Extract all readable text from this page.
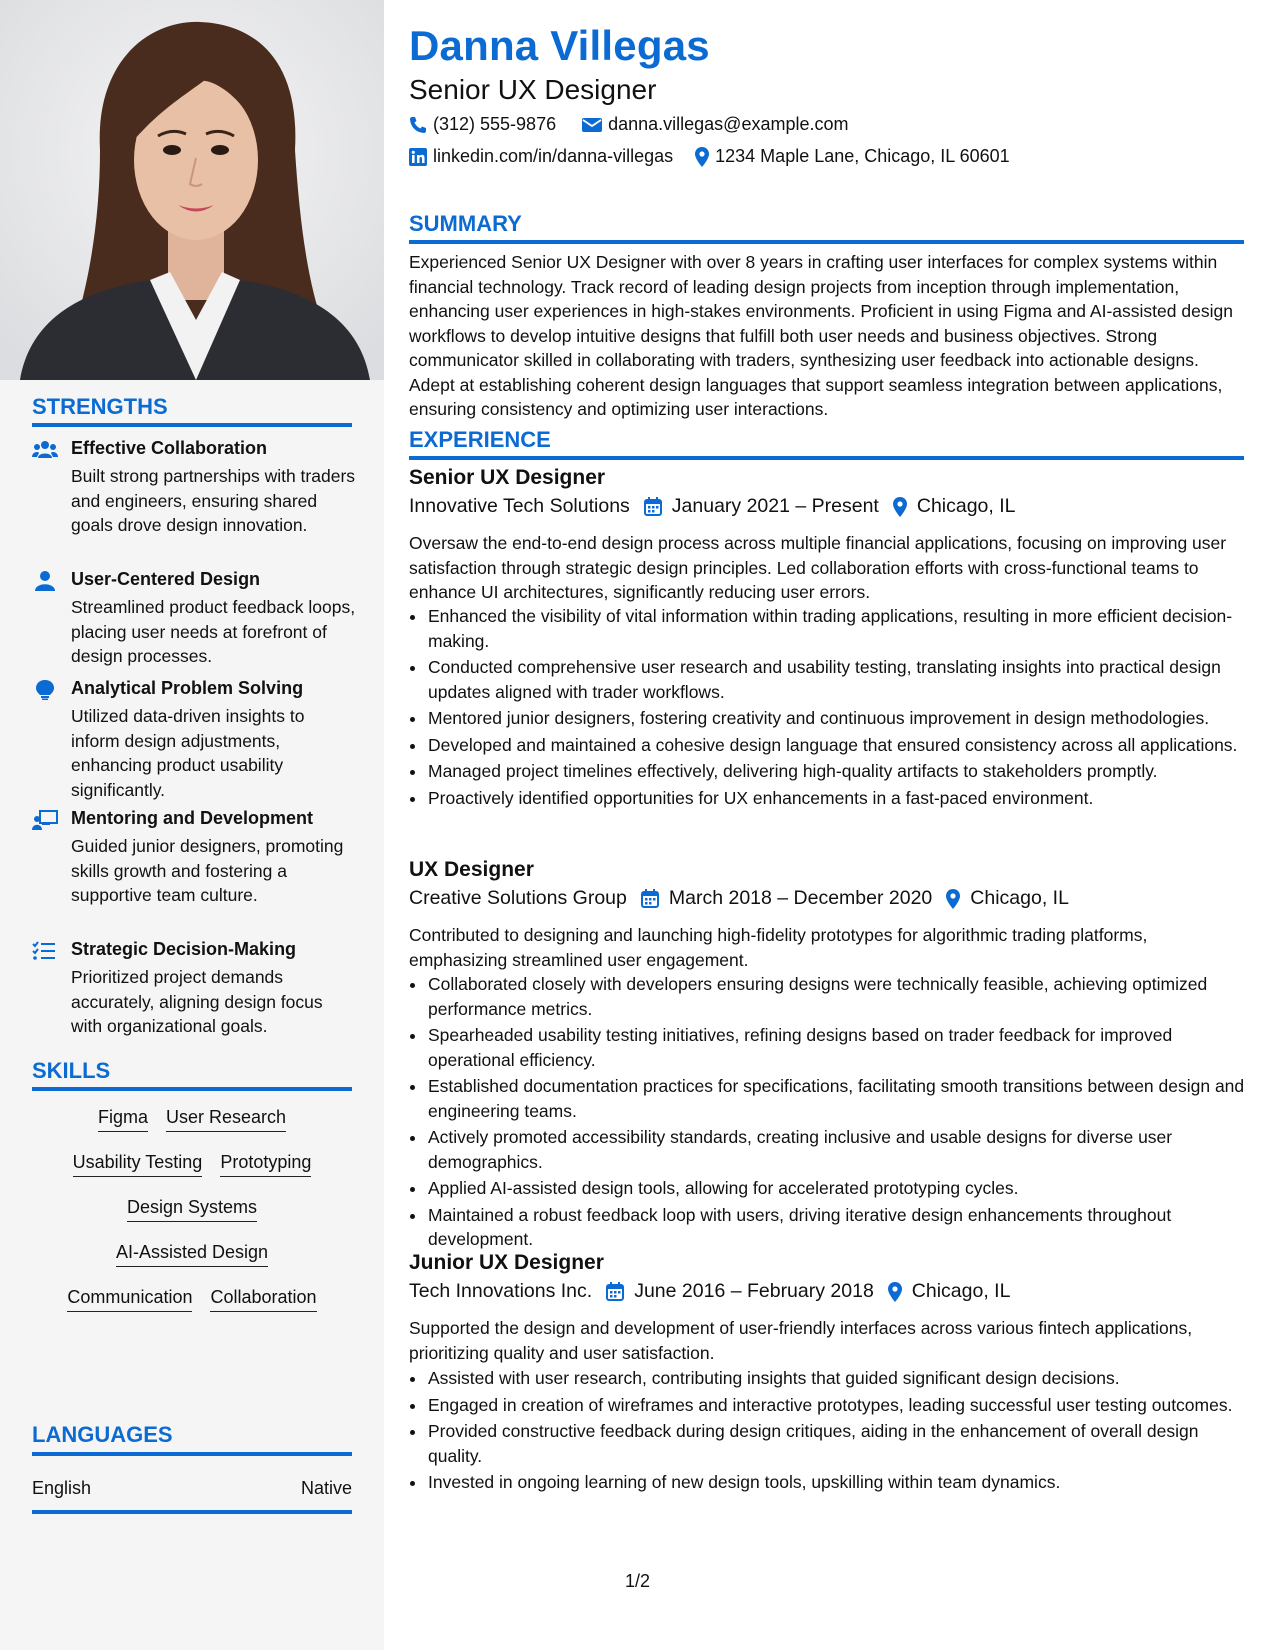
STRENGTHS
Effective Collaboration
Built strong partnerships with traders and engineers, ensuring shared goals drove design innovation.
User-Centered Design
Streamlined product feedback loops, placing user needs at forefront of design processes.
Analytical Problem Solving
Utilized data-driven insights to inform design adjustments, enhancing product usability significantly.
Mentoring and Development
Guided junior designers, promoting skills growth and fostering a supportive team culture.
Strategic Decision-Making
Prioritized project demands accurately, aligning design focus with organizational goals.
SKILLS
Figma User Research
Usability Testing Prototyping
Design Systems
AI-Assisted Design
Communication Collaboration
LANGUAGES
English	Native
Danna Villegas
Senior UX Designer
(312) 555-9876	danna.villegas@example.com
linkedin.com/in/danna-villegas 1234 Maple Lane, Chicago, IL 60601
SUMMARY
Experienced Senior UX Designer with over 8 years in crafting user interfaces for complex systems within financial technology. Track record of leading design projects from inception through implementation, enhancing user experiences in high-stakes environments. Proficient in using Figma and AI-assisted design workflows to develop intuitive designs that fulfill both user needs and business objectives. Strong communicator skilled in collaborating with traders, synthesizing user feedback into actionable designs. Adept at establishing coherent design languages that support seamless integration between applications, ensuring consistency and optimizing user interactions.
EXPERIENCE
Senior UX Designer
Innovative Tech Solutions January 2021 – Present Chicago, IL
Oversaw the end-to-end design process across multiple financial applications, focusing on improving user satisfaction through strategic design principles. Led collaboration efforts with cross-functional teams to enhance UI architectures, significantly reducing user errors.
• Enhanced the visibility of vital information within trading applications, resulting in more efficient decision-making.
• Conducted comprehensive user research and usability testing, translating insights into practical design updates aligned with trader workflows.
• Mentored junior designers, fostering creativity and continuous improvement in design methodologies.
• Developed and maintained a cohesive design language that ensured consistency across all applications.
• Managed project timelines effectively, delivering high-quality artifacts to stakeholders promptly.
• Proactively identified opportunities for UX enhancements in a fast-paced environment.
UX Designer
Creative Solutions Group March 2018 – December 2020 Chicago, IL
Contributed to designing and launching high-fidelity prototypes for algorithmic trading platforms, emphasizing streamlined user engagement.
• Collaborated closely with developers ensuring designs were technically feasible, achieving optimized performance metrics.
• Spearheaded usability testing initiatives, refining designs based on trader feedback for improved operational efficiency.
• Established documentation practices for specifications, facilitating smooth transitions between design and engineering teams.
• Actively promoted accessibility standards, creating inclusive and usable designs for diverse user demographics.
• Applied AI-assisted design tools, allowing for accelerated prototyping cycles.
• Maintained a robust feedback loop with users, driving iterative design enhancements throughout development.
Junior UX Designer
Tech Innovations Inc. June 2016 – February 2018 Chicago, IL
Supported the design and development of user-friendly interfaces across various fintech applications, prioritizing quality and user satisfaction.
• Assisted with user research, contributing insights that guided significant design decisions.
• Engaged in creation of wireframes and interactive prototypes, leading successful user testing outcomes.
• Provided constructive feedback during design critiques, aiding in the enhancement of overall design quality.
• Invested in ongoing learning of new design tools, upskilling within team dynamics.
1/2
